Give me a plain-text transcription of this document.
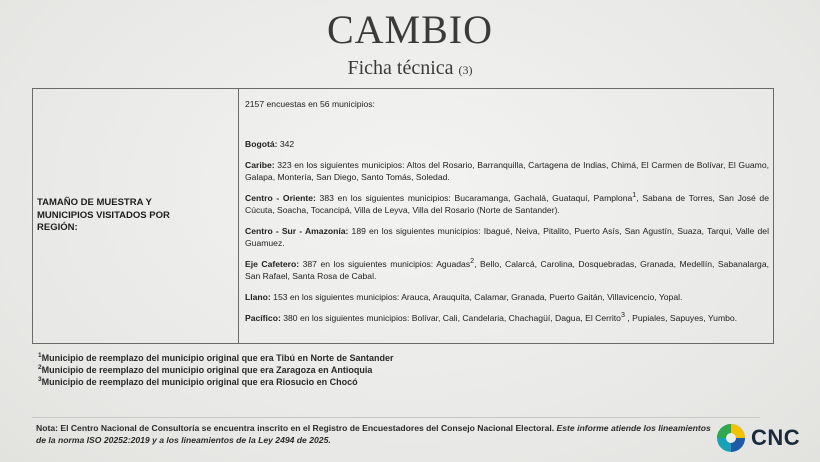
CAMBIO
Ficha técnica (3)
TAMAÑO DE MUESTRA Y MUNICIPIOS VISITADOS POR REGIÓN:

2157 encuestas en 56 municipios:

Bogotá: 342

Caribe: 323 en los siguientes municipios: Altos del Rosario, Barranquilla, Cartagena de Indias, Chimá, El Carmen de Bolívar, El Guamo, Galapa, Montería, San Diego, Santo Tomás, Soledad.

Centro - Oriente: 383 en los siguientes municipios: Bucaramanga, Gachalá, Guataquí, Pamplona$^1$, Sabana de Torres, San José de Cúcuta, Soacha, Tocancipá, Villa de Leyva, Villa del Rosario (Norte de Santander).

Centro - Sur - Amazonía: 189 en los siguientes municipios: Ibagué, Neiva, Pitalito, Puerto Asís, San Agustín, Suaza, Tarqui, Valle del Guamuez.

Eje Cafetero: 387 en los siguientes municipios: Aguadas$^2$, Bello, Calarcá, Carolina, Dosquebradas, Granada, Medellín, Sabanalarga, San Rafael, Santa Rosa de Cabal.

Llano: 153 en los siguientes municipios: Arauca, Arauquita, Calamar, Granada, Puerto Gaitán, Villavicencio, Yopal.

Pacífico: 380 en los siguientes municipios: Bolívar, Cali, Candelaria, Chachagüí, Dagua, El Cerrito$^3$ , Pupiales, Sapuyes, Yumbo.

$^1$Municipio de reemplazo del municipio original que era Tibú en Norte de Santander
$^2$Municipio de reemplazo del municipio original que era Zaragoza en Antioquia
$^3$Municipio de reemplazo del municipio original que era Riosucio en Chocó
Nota: El Centro Nacional de Consultoría se encuentra inscrito en el Registro de Encuestadores del Consejo Nacional Electoral. Este informe atiende los lineamientos de la norma ISO 20252:2019 y a los lineamientos de la Ley 2494 de 2025.	CNC
